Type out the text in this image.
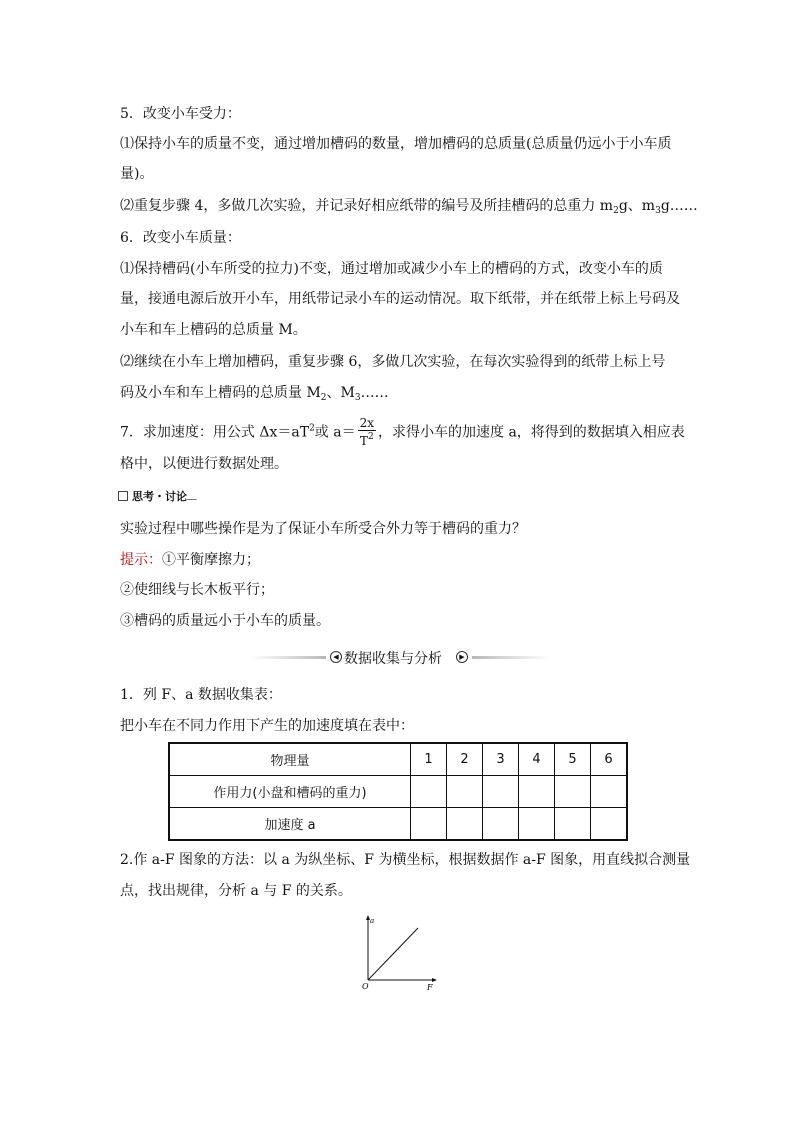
5．改变小车受力：
⑴保持小车的质量不变，通过增加槽码的数量，增加槽码的总质量(总质量仍远小于小车质
量)。
⑵重复步骤 4，多做几次实验，并记录好相应纸带的编号及所挂槽码的总重力 $m_2g$、$m_3g\dots\dots$
6．改变小车质量：
⑴保持槽码(小车所受的拉力)不变，通过增加或减少小车上的槽码的方式，改变小车的质
量，接通电源后放开小车，用纸带记录小车的运动情况。取下纸带，并在纸带上标上号码及
小车和车上槽码的总质量 M。
⑵继续在小车上增加槽码，重复步骤 6，多做几次实验，在每次实验得到的纸带上标上号
码及小车和车上槽码的总质量 $M_2$、$M_3\dots\dots$
7．求加速度：用公式 $\Delta x=aT^2$或 $a= \frac{2x}{T^2}$ ，求得小车的加速度 a，将得到的数据填入相应表
格中，以便进行数据处理。
思考・讨论
实验过程中哪些操作是为了保证小车所受合外力等于槽码的重力？
提示：①平衡摩擦力；
②使细线与长木板平行；
③槽码的质量远小于小车的质量。
◀ 数据收集与分析	▶
1．列 F、a 数据收集表：
把小车在不同力作用下产生的加速度填在表中：
物理量	1	2	3	4	5	6
作用力(小盘和槽码的重力)						
加速度 a						
2.作 a-F 图象的方法：以 a 为纵坐标、F 为横坐标，根据数据作 a-F 图象，用直线拟合测量
点，找出规律，分析 a 与 F 的关系。
a
F
O
